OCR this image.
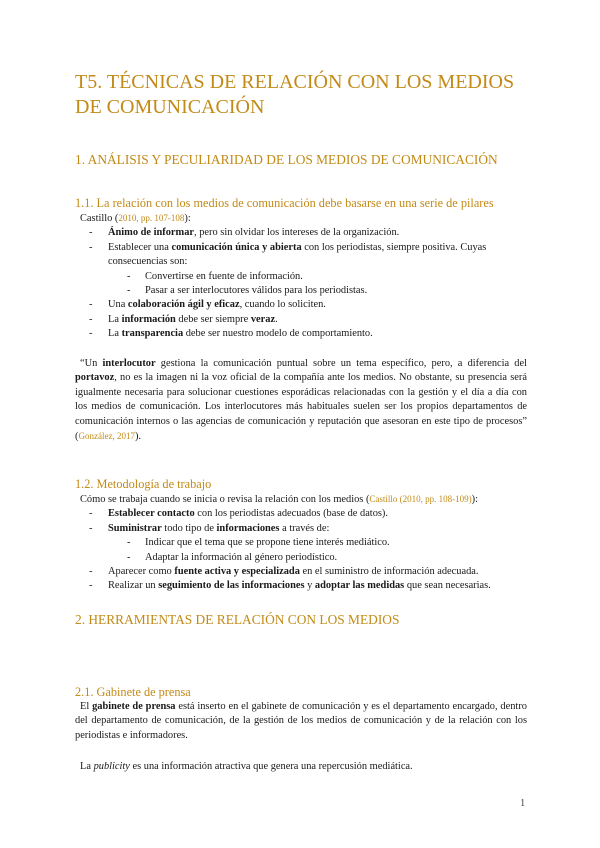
T5. TÉCNICAS DE RELACIÓN CON LOS MEDIOS DE COMUNICACIÓN
1. ANÁLISIS Y PECULIARIDAD DE LOS MEDIOS DE COMUNICACIÓN
1.1. La relación con los medios de comunicación debe basarse en una serie de pilares
Castillo (2010, pp. 107-108):
- Ánimo de informar, pero sin olvidar los intereses de la organización.
- Establecer una comunicación única y abierta con los periodistas, siempre positiva. Cuyas consecuencias son:
- Convertirse en fuente de información.
- Pasar a ser interlocutores válidos para los periodistas.
- Una colaboración ágil y eficaz, cuando lo soliciten.
- La información debe ser siempre veraz.
- La transparencia debe ser nuestro modelo de comportamiento.
“Un interlocutor gestiona la comunicación puntual sobre un tema específico, pero, a diferencia del portavoz, no es la imagen ni la voz oficial de la compañía ante los medios. No obstante, su presencia será igualmente necesaria para solucionar cuestiones esporádicas relacionadas con la gestión y el día a día con los medios de comunicación. Los interlocutores más habituales suelen ser los propios departamentos de comunicación internos o las agencias de comunicación y reputación que asesoran en este tipo de procesos” (González, 2017).
1.2. Metodología de trabajo
Cómo se trabaja cuando se inicia o revisa la relación con los medios (Castillo (2010, pp. 108-109)):
- Establecer contacto con los periodistas adecuados (base de datos).
- Suministrar todo tipo de informaciones a través de:
- Indicar que el tema que se propone tiene interés mediático.
- Adaptar la información al género periodístico.
- Aparecer como fuente activa y especializada en el suministro de información adecuada.
- Realizar un seguimiento de las informaciones y adoptar las medidas que sean necesarias.
2. HERRAMIENTAS DE RELACIÓN CON LOS MEDIOS
2.1. Gabinete de prensa
El gabinete de prensa está inserto en el gabinete de comunicación y es el departamento encargado, dentro del departamento de comunicación, de la gestión de los medios de comunicación y de la relación con los periodistas e informadores.
La publicity es una información atractiva que genera una repercusión mediática.
1
